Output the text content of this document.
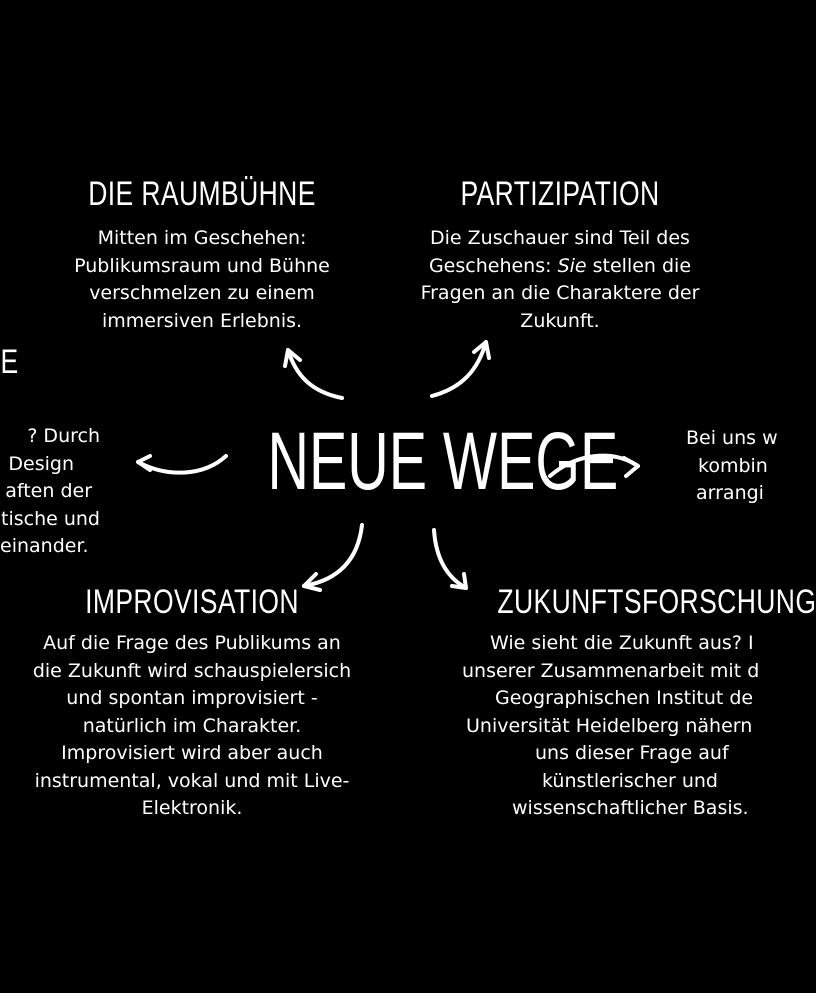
NEUE WEGE
DIE RAUMBÜHNE
Mitten im Geschehen:
Publikumsraum und Bühne
verschmelzen zu einem
immersiven Erlebnis.
PARTIZIPATION
Die Zuschauer sind Teil des
Geschehens: Sie stellen die
Fragen an die Charaktere der
Zukunft.
E
? Durch
Design
aften der
tische und
einander.
Bei uns w
kombin
arrangi
IMPROVISATION
Auf die Frage des Publikums an
die Zukunft wird schauspielersich
und spontan improvisiert -
natürlich im Charakter.
Improvisiert wird aber auch
instrumental, vokal und mit Live-
Elektronik.
ZUKUNFTSFORSCHUNG
Wie sieht die Zukunft aus? I
unserer Zusammenarbeit mit d
Geographischen Institut de
Universität Heidelberg nähern
uns dieser Frage auf
künstlerischer und
wissenschaftlicher Basis.
